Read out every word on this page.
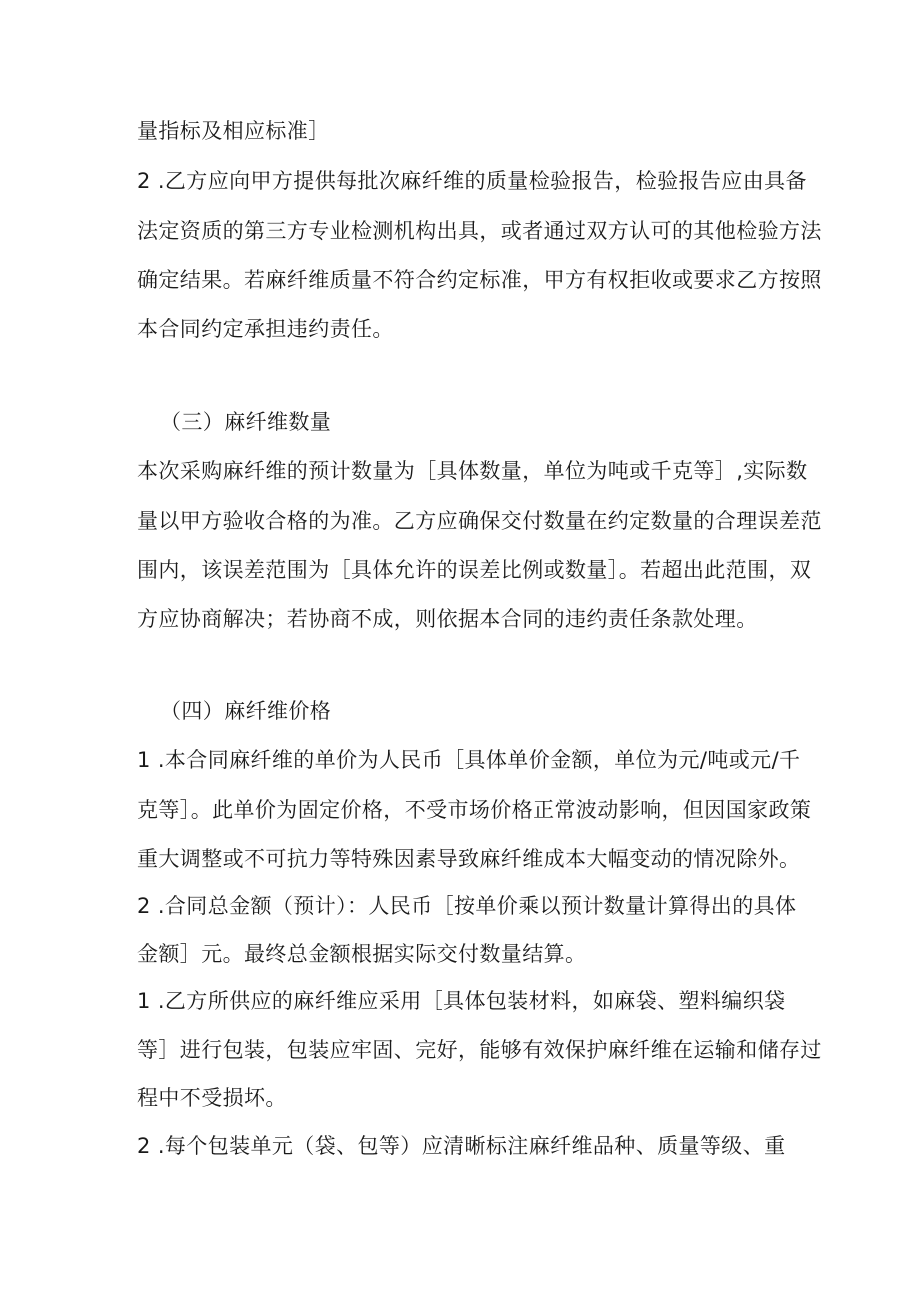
量指标及相应标准］
2 .乙方应向甲方提供每批次麻纤维的质量检验报告，检验报告应由具备
法定资质的第三方专业检测机构出具，或者通过双方认可的其他检验方法
确定结果。若麻纤维质量不符合约定标准，甲方有权拒收或要求乙方按照
本合同约定承担违约责任。
（三）麻纤维数量
本次采购麻纤维的预计数量为［具体数量，单位为吨或千克等］,实际数
量以甲方验收合格的为准。乙方应确保交付数量在约定数量的合理误差范
围内，该误差范围为［具体允许的误差比例或数量］。若超出此范围，双
方应协商解决；若协商不成，则依据本合同的违约责任条款处理。
（四）麻纤维价格
1 .本合同麻纤维的单价为人民币［具体单价金额，单位为元/吨或元/千
克等］。此单价为固定价格，不受市场价格正常波动影响，但因国家政策
重大调整或不可抗力等特殊因素导致麻纤维成本大幅变动的情况除外。
2 .合同总金额（预计）：人民币［按单价乘以预计数量计算得出的具体
金额］元。最终总金额根据实际交付数量结算。
1 .乙方所供应的麻纤维应采用［具体包装材料，如麻袋、塑料编织袋
等］进行包装，包装应牢固、完好，能够有效保护麻纤维在运输和储存过
程中不受损坏。
2 .每个包装单元（袋、包等）应清晰标注麻纤维品种、质量等级、重
